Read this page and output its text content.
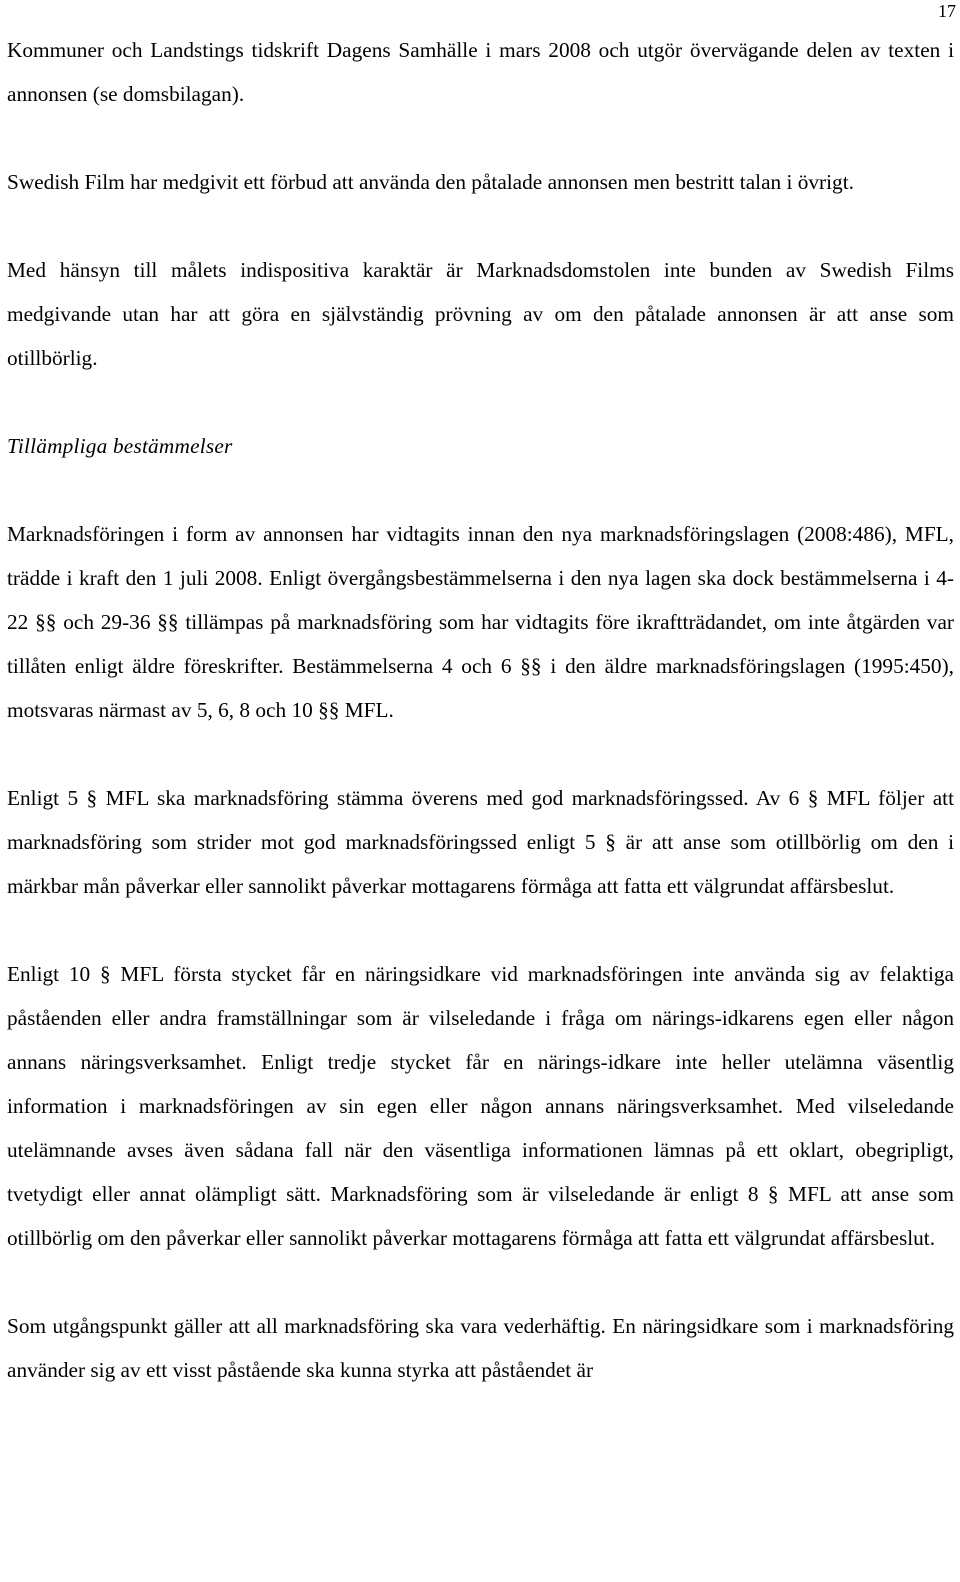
17

Kommuner och Landstings tidskrift Dagens Samhälle i mars 2008 och utgör övervägande delen av texten i annonsen (se domsbilagan).

Swedish Film har medgivit ett förbud att använda den påtalade annonsen men bestritt talan i övrigt.

Med hänsyn till målets indispositiva karaktär är Marknadsdomstolen inte bunden av Swedish Films medgivande utan har att göra en självständig prövning av om den påtalade annonsen är att anse som otillbörlig.

Tillämpliga bestämmelser

Marknadsföringen i form av annonsen har vidtagits innan den nya marknadsföringslagen (2008:486), MFL, trädde i kraft den 1 juli 2008. Enligt övergångsbestämmelserna i den nya lagen ska dock bestämmelserna i 4-22 §§ och 29-36 §§ tillämpas på marknadsföring som har vidtagits före ikraftträdandet, om inte åtgärden var tillåten enligt äldre föreskrifter. Bestämmelserna 4 och 6 §§ i den äldre marknadsföringslagen (1995:450), motsvaras närmast av 5, 6, 8 och 10 §§ MFL.

Enligt 5 § MFL ska marknadsföring stämma överens med god marknadsföringssed. Av 6 § MFL följer att marknadsföring som strider mot god marknadsföringssed enligt 5 § är att anse som otillbörlig om den i märkbar mån påverkar eller sannolikt påverkar mottagarens förmåga att fatta ett välgrundat affärsbeslut.

Enligt 10 § MFL första stycket får en näringsidkare vid marknadsföringen inte använda sig av felaktiga påståenden eller andra framställningar som är vilseledande i fråga om närings-idkarens egen eller någon annans näringsverksamhet. Enligt tredje stycket får en närings-idkare inte heller utelämna väsentlig information i marknadsföringen av sin egen eller någon annans näringsverksamhet. Med vilseledande utelämnande avses även sådana fall när den väsentliga informationen lämnas på ett oklart, obegripligt, tvetydigt eller annat olämpligt sätt. Marknadsföring som är vilseledande är enligt 8 § MFL att anse som otillbörlig om den påverkar eller sannolikt påverkar mottagarens förmåga att fatta ett välgrundat affärsbeslut.

Som utgångspunkt gäller att all marknadsföring ska vara vederhäftig. En näringsidkare som i marknadsföring använder sig av ett visst påstående ska kunna styrka att påståendet är
